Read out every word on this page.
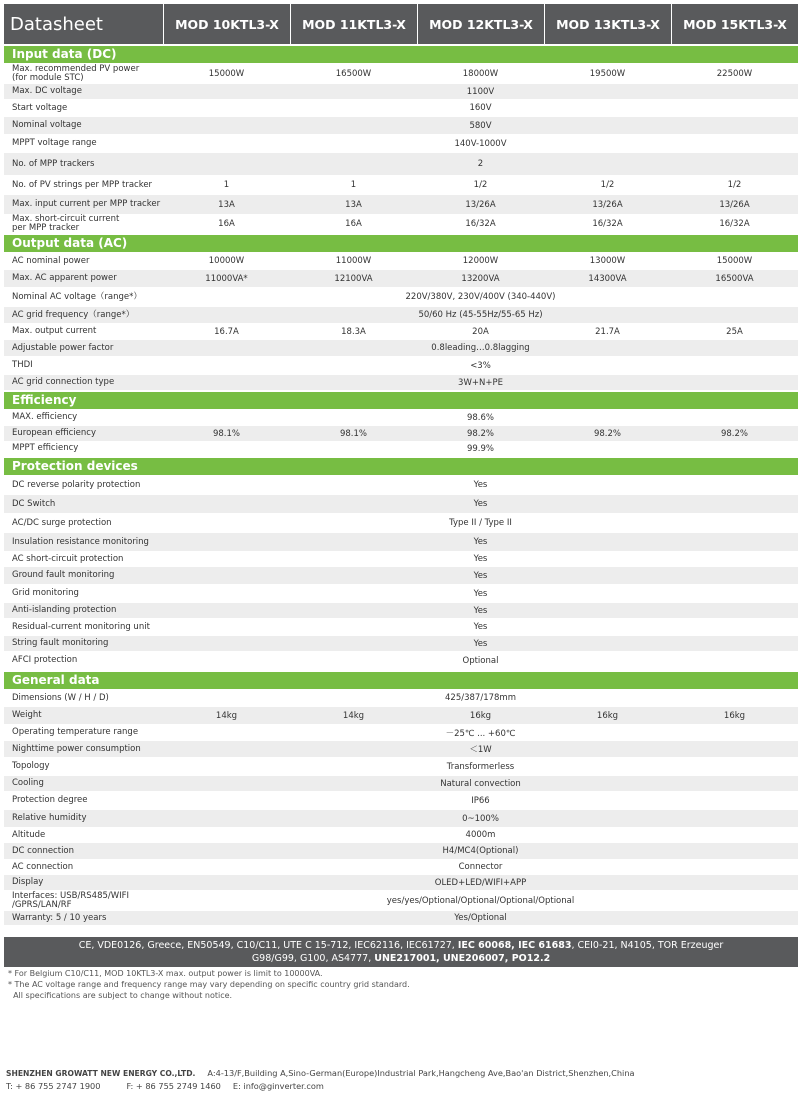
Datasheet	MOD 10KTL3-X	MOD 11KTL3-X	MOD 12KTL3-X	MOD 13KTL3-X	MOD 15KTL3-X
Input data (DC)
Max. recommended PV power
(for module STC)	15000W	16500W	18000W	19500W	22500W
Max. DC voltage	1100V
Start voltage	160V
Nominal voltage	580V
MPPT voltage range	140V-1000V
No. of MPP trackers	2
No. of PV strings per MPP tracker	1	1	1/2	1/2	1/2
Max. input current per MPP tracker	13A	13A	13/26A	13/26A	13/26A
Max. short-circuit current
per MPP tracker	16A	16A	16/32A	16/32A	16/32A
Output data (AC)
AC nominal power	10000W	11000W	12000W	13000W	15000W
Max. AC apparent power	11000VA*	12100VA	13200VA	14300VA	16500VA
Nominal AC voltage（range*）	220V/380V, 230V/400V (340-440V)
AC grid frequency（range*）	50/60 Hz (45-55Hz/55-65 Hz)
Max. output current	16.7A	18.3A	20A	21.7A	25A
Adjustable power factor	0.8leading…0.8lagging
THDI	<3%
AC grid connection type	3W+N+PE
Efficiency
MAX. efficiency	98.6%
European efficiency	98.1%	98.1%	98.2%	98.2%	98.2%
MPPT efficiency	99.9%
Protection devices
DC reverse polarity protection	Yes
DC Switch	Yes
AC/DC surge protection	Type II / Type II
Insulation resistance monitoring	Yes
AC short-circuit protection	Yes
Ground fault monitoring	Yes
Grid monitoring	Yes
Anti-islanding protection	Yes
Residual-current monitoring unit	Yes
String fault monitoring	Yes
AFCI protection	Optional
General data
Dimensions (W / H / D)	425/387/178mm
Weight	14kg	14kg	16kg	16kg	16kg
Operating temperature range	－25℃ ... +60℃
Nighttime power consumption	＜1W
Topology	Transformerless
Cooling	Natural convection
Protection degree	IP66
Relative humidity	0~100%
Altitude	4000m
DC connection	H4/MC4(Optional)
AC connection	Connector
Display	OLED+LED/WIFI+APP
Interfaces: USB/RS485/WIFI
/GPRS/LAN/RF	yes/yes/Optional/Optional/Optional/Optional
Warranty: 5 / 10 years	Yes/Optional
CE, VDE0126, Greece, EN50549, C10/C11, UTE C 15-712, IEC62116, IEC61727, IEC 60068, IEC 61683, CEI0-21, N4105, TOR Erzeuger
G98/G99, G100, AS4777, UNE217001, UNE206007, PO12.2
* For Belgium C10/C11, MOD 10KTL3-X max. output power is limit to 10000VA.
* The AC voltage range and frequency range may vary depending on specific country grid standard.
All specifications are subject to change without notice.
SHENZHEN GROWATT NEW ENERGY CO.,LTD. A:4-13/F,Building A,Sino-German(Europe)Industrial Park,Hangcheng Ave,Bao'an District,Shenzhen,China
T: + 86 755 2747 1900	F: + 86 755 2749 1460 E: info@ginverter.com
